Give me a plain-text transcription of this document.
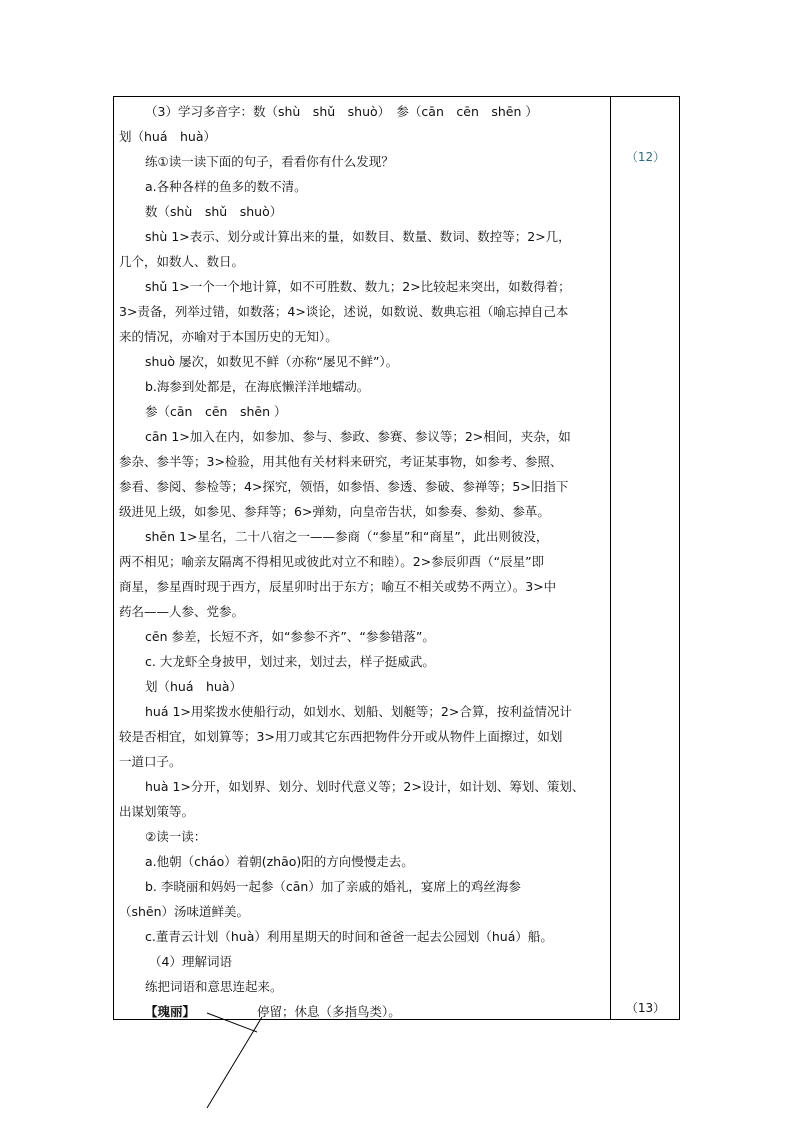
（3）学习多音字：数（shù　shǔ　shuò）　参（cān　cēn　shēn ）
划（huá　huà）
练①读一读下面的句子，看看你有什么发现？
a.各种各样的鱼多的数不清。
数（shù　shǔ　shuò）
shù 1>表示、划分或计算出来的量，如数目、数量、数词、数控等；2>几，
几个，如数人、数日。
shǔ 1>一个一个地计算，如不可胜数、数九；2>比较起来突出，如数得着；
3>责备，列举过错，如数落；4>谈论，述说，如数说、数典忘祖（喻忘掉自己本
来的情况，亦喻对于本国历史的无知）。
shuò 屡次，如数见不鲜（亦称“屡见不鲜”）。
b.海参到处都是，在海底懒洋洋地蠕动。
参（cān　cēn　shēn ）
cān 1>加入在内，如参加、参与、参政、参赛、参议等；2>相间，夹杂，如
参杂、参半等；3>检验，用其他有关材料来研究，考证某事物，如参考、参照、
参看、参阅、参检等；4>探究，领悟，如参悟、参透、参破、参禅等；5>旧指下
级进见上级，如参见、参拜等；6>弹劾，向皇帝告状，如参奏、参劾、参革。
shēn 1>星名，二十八宿之一——参商（“参星”和“商星”，此出则彼没，
两不相见；喻亲友隔离不得相见或彼此对立不和睦）。2>参辰卯酉（“辰星”即
商星，参星酉时现于西方，辰星卯时出于东方；喻互不相关或势不两立）。3>中
药名——人参、党参。
cēn 参差，长短不齐，如“参参不齐”、“参参错落”。
c. 大龙虾全身披甲，划过来，划过去，样子挺威武。
划（huá　huà）
huá 1>用桨拨水使船行动，如划水、划船、划艇等；2>合算，按利益情况计
较是否相宜，如划算等；3>用刀或其它东西把物件分开或从物件上面擦过，如划
一道口子。
huà 1>分开，如划界、划分、划时代意义等；2>设计，如计划、筹划、策划、
出谋划策等。
②读一读：
a.他朝（cháo）着朝(zhāo)阳的方向慢慢走去。
b. 李晓丽和妈妈一起参（cān）加了亲戚的婚礼，宴席上的鸡丝海参
（shēn）汤味道鲜美。
c.董青云计划（huà）利用星期天的时间和爸爸一起去公园划（huá）船。
（4）理解词语
练把词语和意思连起来。
【瑰丽】	停留；休息（多指鸟类）。
（12）
（13）
